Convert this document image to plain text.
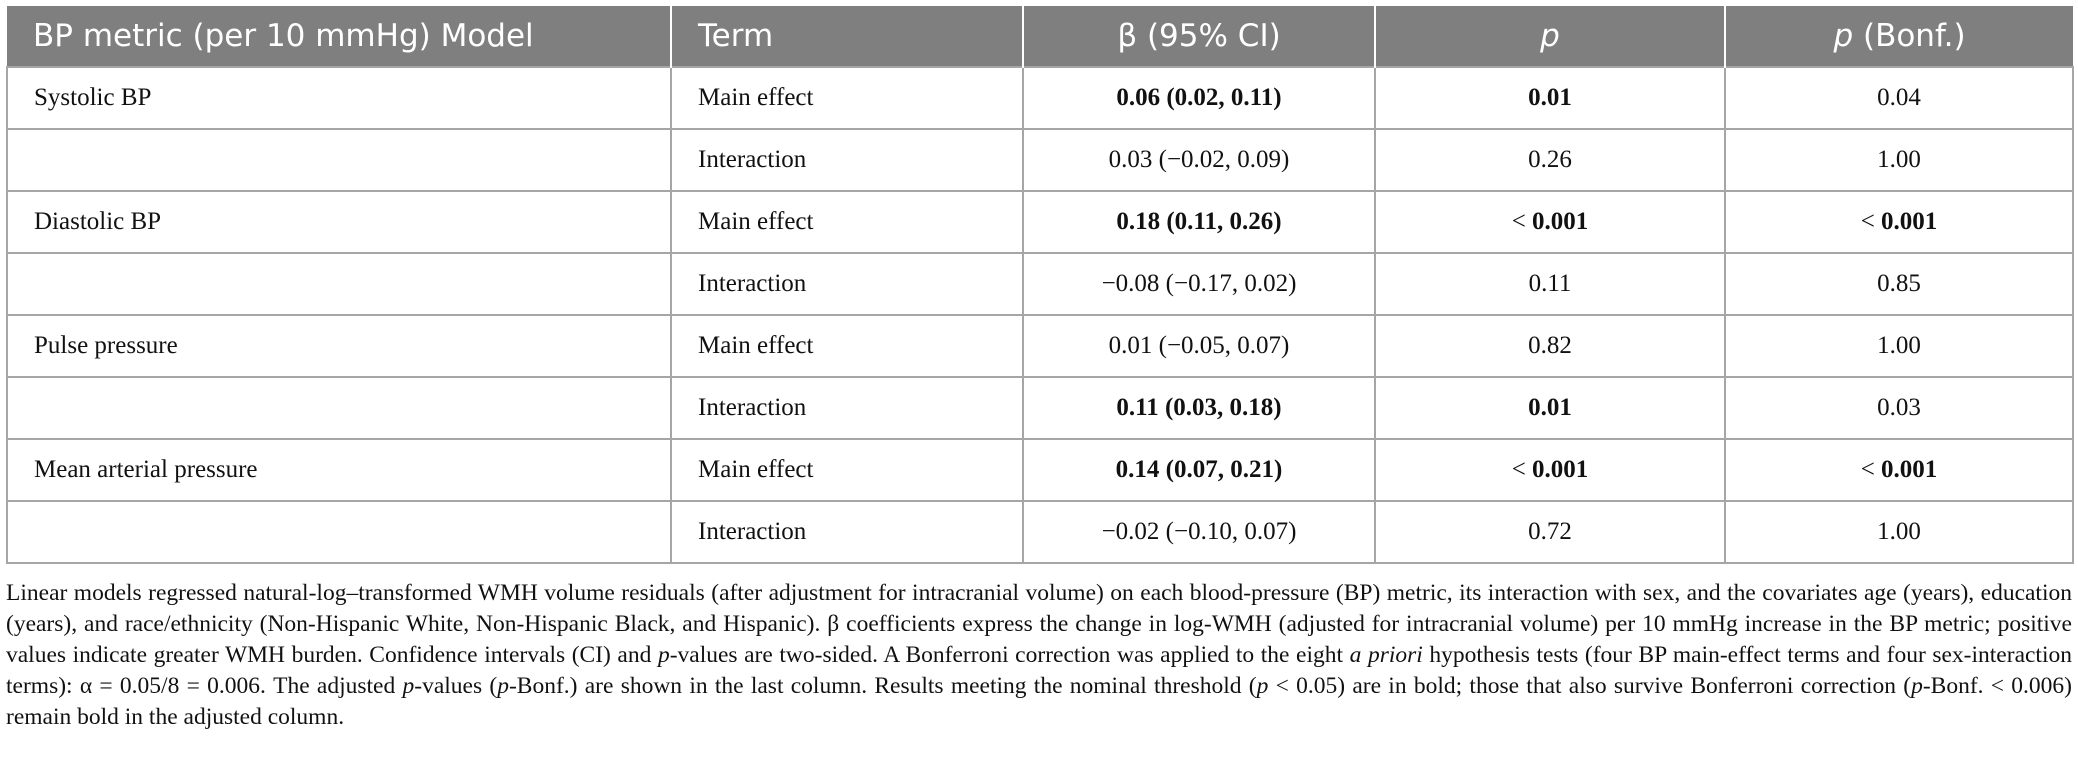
BP metric (per 10 mmHg) Model	Term	β (95% CI)	p	p (Bonf.)
Systolic BP	Main effect	0.06 (0.02, 0.11)	0.01	0.04
	Interaction	0.03 (−0.02, 0.09)	0.26	1.00
Diastolic BP	Main effect	0.18 (0.11, 0.26)	< 0.001	< 0.001
	Interaction	−0.08 (−0.17, 0.02)	0.11	0.85
Pulse pressure	Main effect	0.01 (−0.05, 0.07)	0.82	1.00
	Interaction	0.11 (0.03, 0.18)	0.01	0.03
Mean arterial pressure	Main effect	0.14 (0.07, 0.21)	< 0.001	< 0.001
	Interaction	−0.02 (−0.10, 0.07)	0.72	1.00
Linear models regressed natural-log–transformed WMH volume residuals (after adjustment for intracranial volume) on each blood-pressure (BP) metric, its interaction with sex, and the covariates age (years), education (years), and race/ethnicity (Non-Hispanic White, Non-Hispanic Black, and Hispanic). β coefficients express the change in log-WMH (adjusted for intracranial volume) per 10 mmHg increase in the BP metric; positive values indicate greater WMH burden. Confidence intervals (CI) and p-values are two-sided. A Bonferroni correction was applied to the eight a priori hypothesis tests (four BP main-effect terms and four sex-interaction terms): α = 0.05/8 = 0.006. The adjusted p-values (p-Bonf.) are shown in the last column. Results meeting the nominal threshold (p < 0.05) are in bold; those that also survive Bonferroni correction (p-Bonf. < 0.006) remain bold in the adjusted column.
